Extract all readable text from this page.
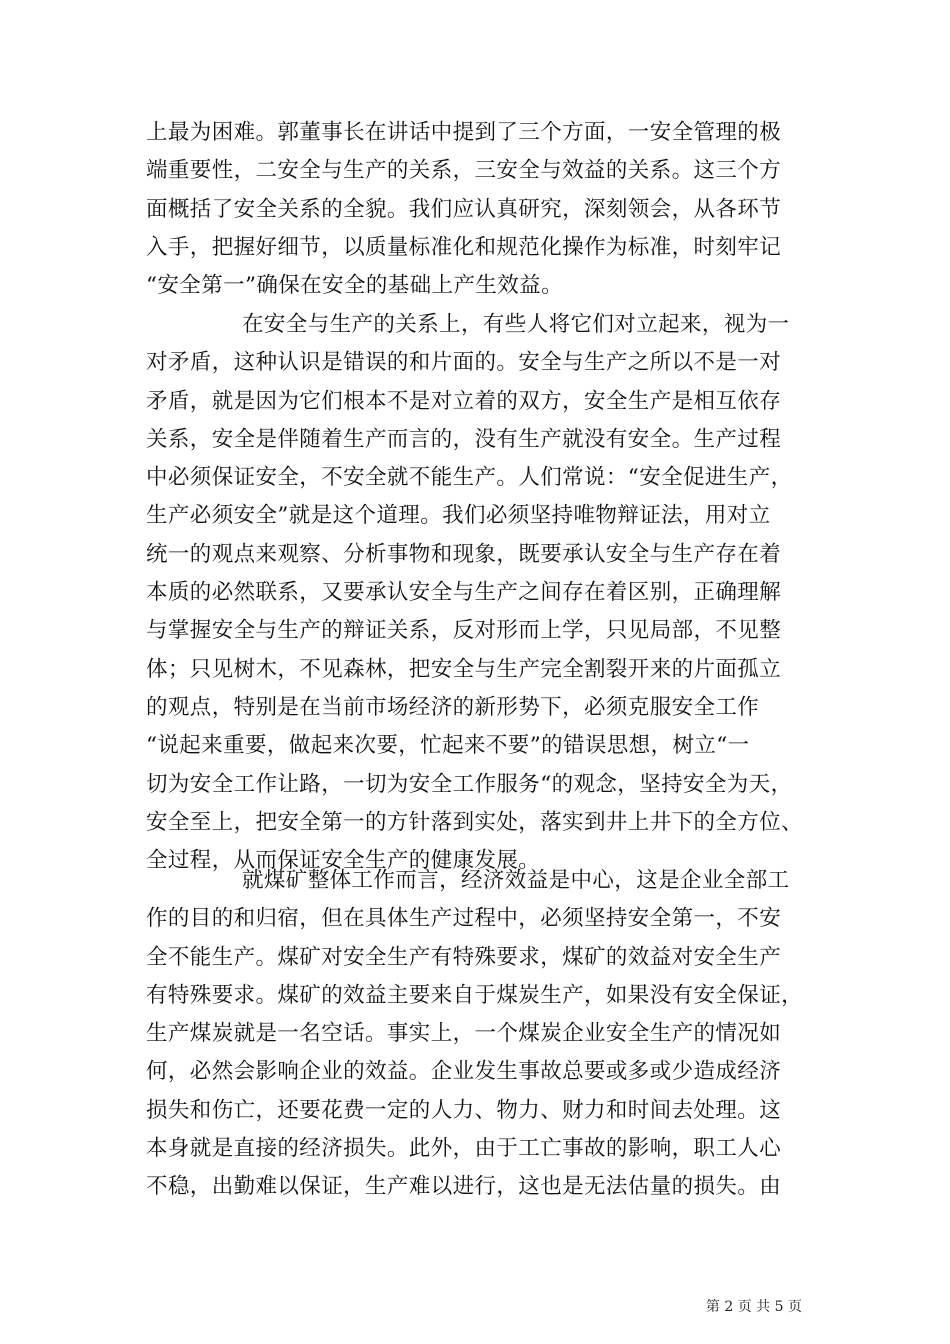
上最为困难。郭董事长在讲话中提到了三个方面，一安全管理的极
端重要性，二安全与生产的关系，三安全与效益的关系。这三个方
面概括了安全关系的全貌。我们应认真研究，深刻领会，从各环节
入手，把握好细节，以质量标准化和规范化操作为标准，时刻牢记
“安全第一”确保在安全的基础上产生效益。
在安全与生产的关系上，有些人将它们对立起来，视为一
对矛盾，这种认识是错误的和片面的。安全与生产之所以不是一对
矛盾，就是因为它们根本不是对立着的双方，安全生产是相互依存
关系，安全是伴随着生产而言的，没有生产就没有安全。生产过程
中必须保证安全，不安全就不能生产。人们常说：“安全促进生产，
生产必须安全”就是这个道理。我们必须坚持唯物辩证法，用对立
统一的观点来观察、分析事物和现象，既要承认安全与生产存在着
本质的必然联系，又要承认安全与生产之间存在着区别，正确理解
与掌握安全与生产的辩证关系，反对形而上学，只见局部，不见整
体；只见树木，不见森林，把安全与生产完全割裂开来的片面孤立
的观点，特别是在当前市场经济的新形势下，必须克服安全工作
“说起来重要，做起来次要，忙起来不要”的错误思想，树立“一
切为安全工作让路，一切为安全工作服务“的观念，坚持安全为天，
安全至上，把安全第一的方针落到实处，落实到井上井下的全方位、
全过程，从而保证安全生产的健康发展。
就煤矿整体工作而言，经济效益是中心，这是企业全部工
作的目的和归宿，但在具体生产过程中，必须坚持安全第一，不安
全不能生产。煤矿对安全生产有特殊要求，煤矿的效益对安全生产
有特殊要求。煤矿的效益主要来自于煤炭生产，如果没有安全保证，
生产煤炭就是一名空话。事实上，一个煤炭企业安全生产的情况如
何，必然会影响企业的效益。企业发生事故总要或多或少造成经济
损失和伤亡，还要花费一定的人力、物力、财力和时间去处理。这
本身就是直接的经济损失。此外，由于工亡事故的影响，职工人心
不稳，出勤难以保证，生产难以进行，这也是无法估量的损失。由
第 2 页 共 5 页
